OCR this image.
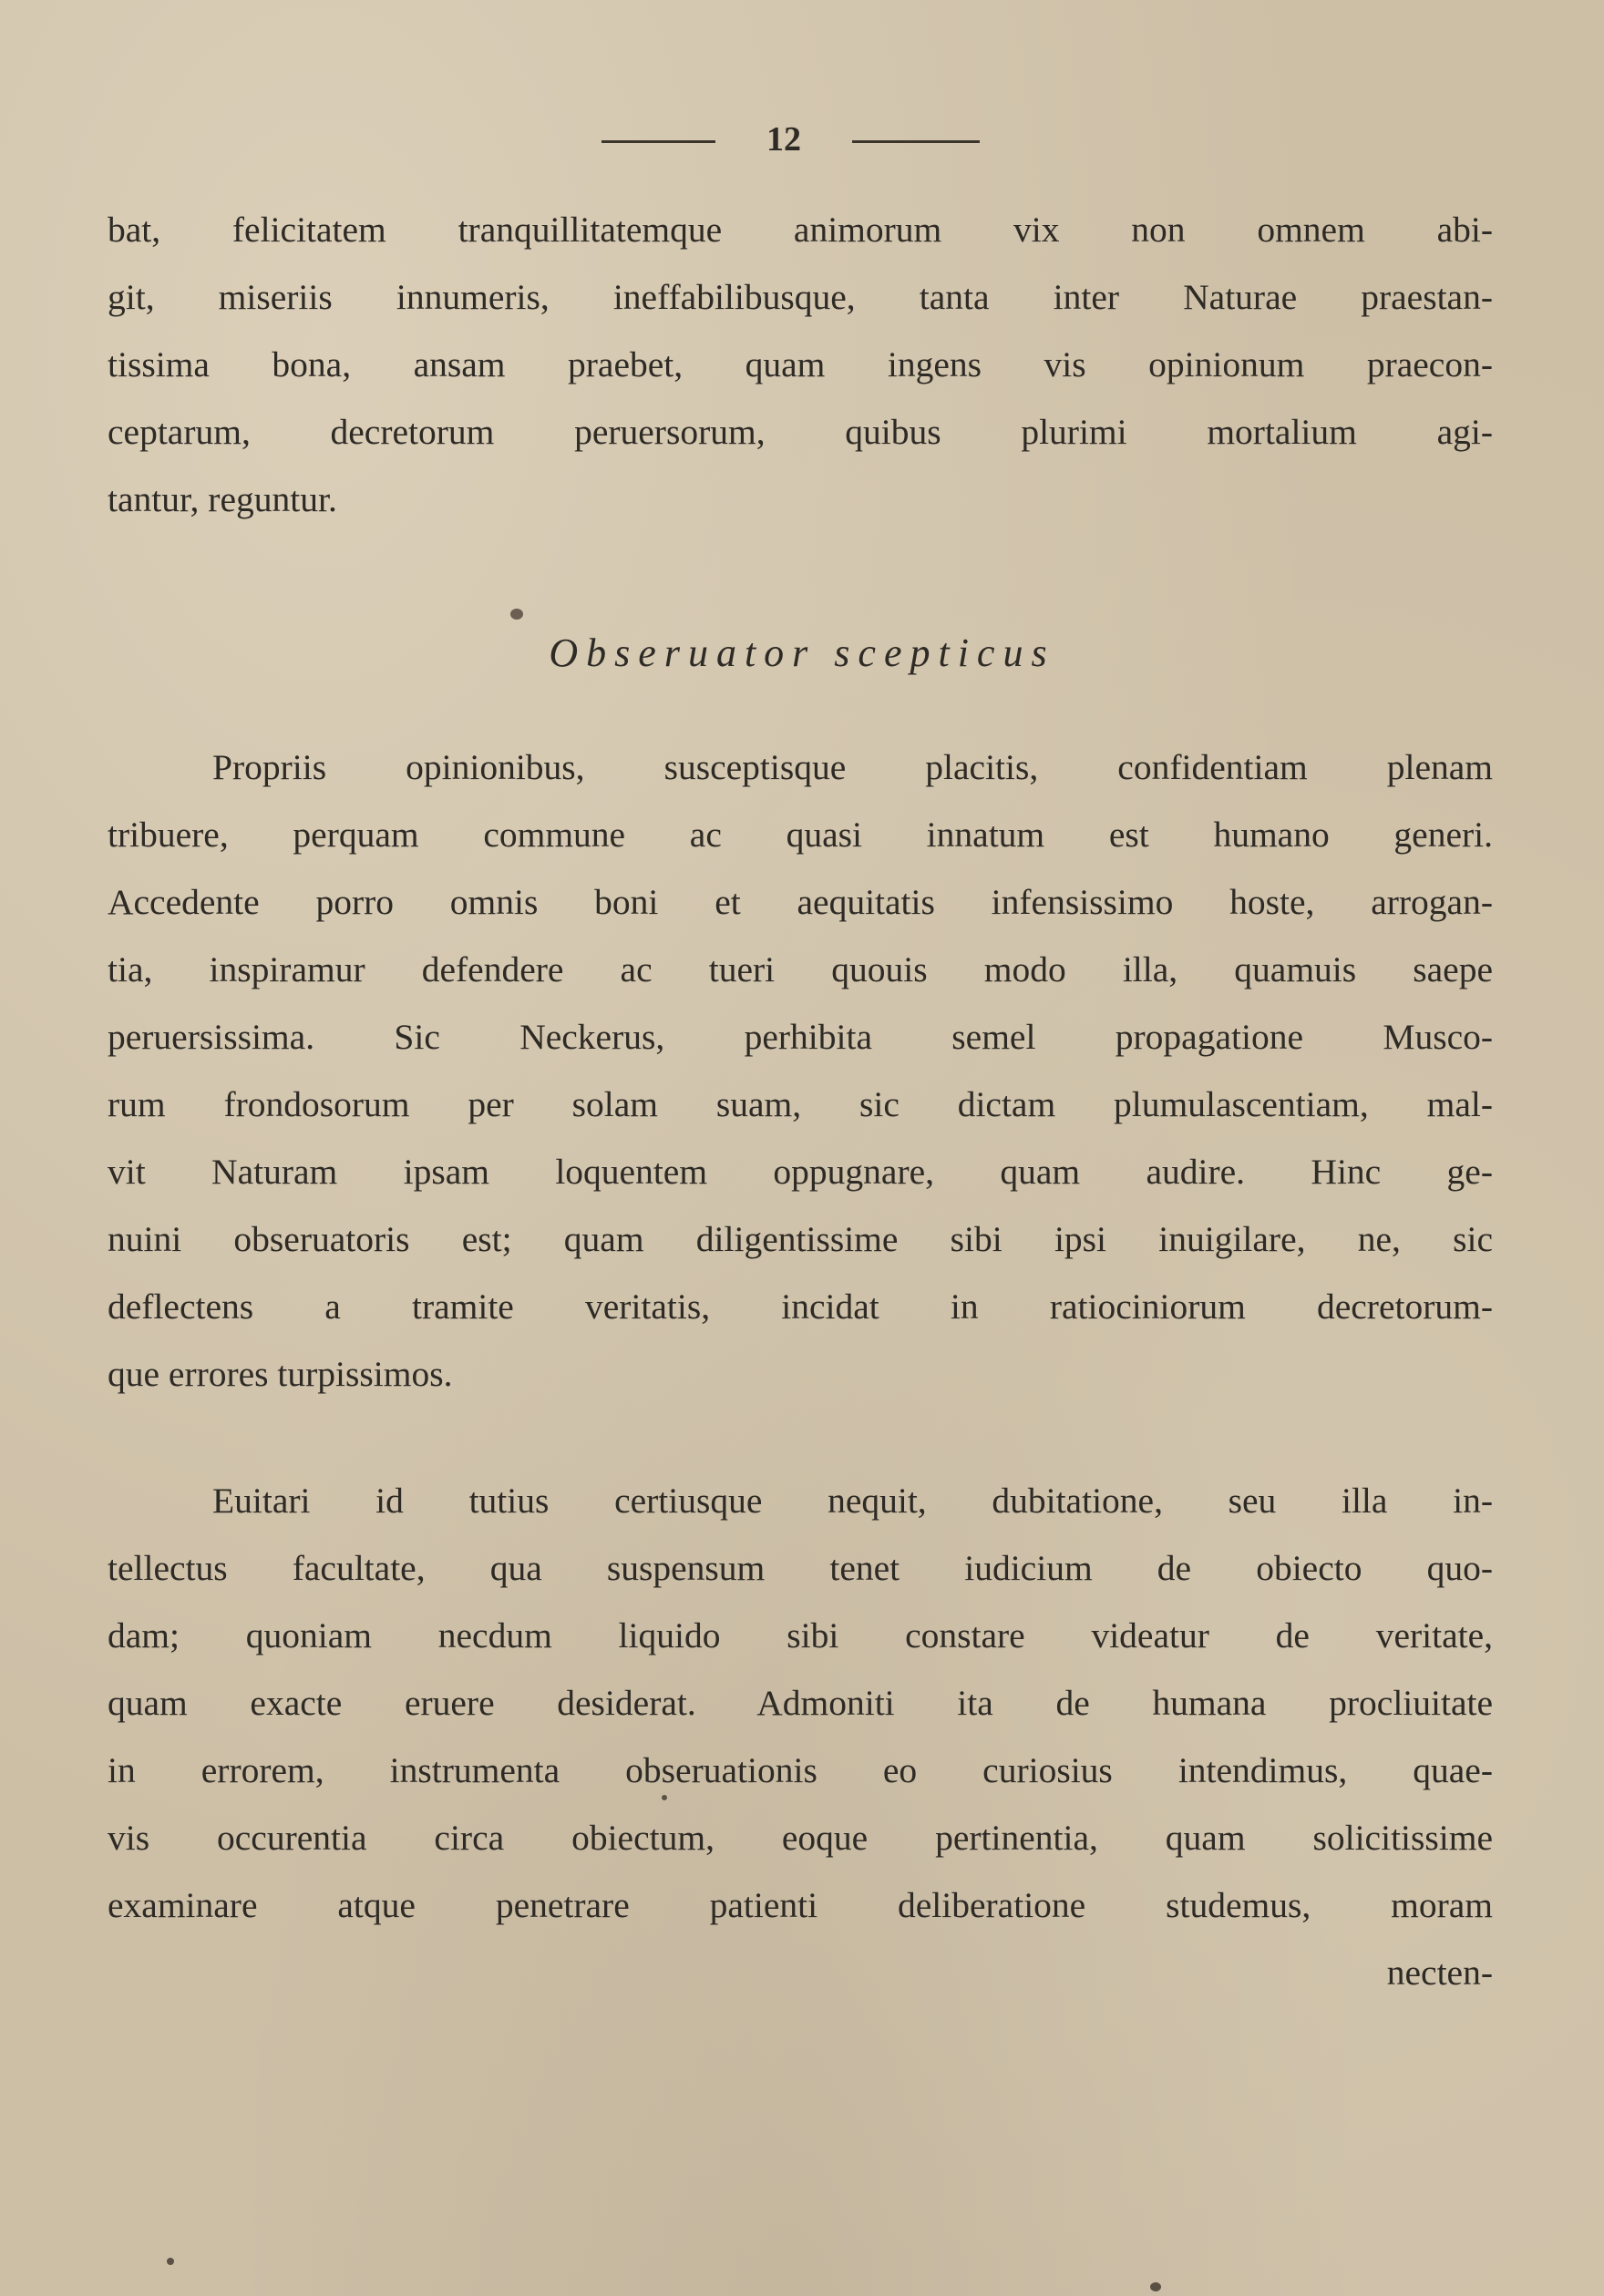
12
bat, felicitatem tranquillitatemque animorum vix non omnem abi-
git, miseriis innumeris, ineffabilibusque, tanta inter Naturae praestan-
tissima bona, ansam praebet, quam ingens vis opinionum praecon-
ceptarum, decretorum peruersorum, quibus plurimi mortalium agi-
tantur, reguntur.
Obseruator scepticus
Propriis opinionibus, susceptisque placitis, confidentiam plenam
tribuere, perquam commune ac quasi innatum est humano generi.
Accedente porro omnis boni et aequitatis infensissimo hoste, arrogan-
tia, inspiramur defendere ac tueri quouis modo illa, quamuis saepe
peruersissima. Sic Neckerus, perhibita semel propagatione Musco-
rum frondosorum per solam suam, sic dictam plumulascentiam, mal-
vit Naturam ipsam loquentem oppugnare, quam audire. Hinc ge-
nuini obseruatoris est; quam diligentissime sibi ipsi inuigilare, ne, sic
deflectens a tramite veritatis, incidat in ratiociniorum decretorum-
que errores turpissimos.
Euitari id tutius certiusque nequit, dubitatione, seu illa in-
tellectus facultate, qua suspensum tenet iudicium de obiecto quo-
dam; quoniam necdum liquido sibi constare videatur de veritate,
quam exacte eruere desiderat. Admoniti ita de humana procliuitate
in errorem, instrumenta obseruationis eo curiosius intendimus, quae-
vis occurentia circa obiectum, eoque pertinentia, quam solicitissime
examinare atque penetrare patienti deliberatione studemus, moram
necten-
